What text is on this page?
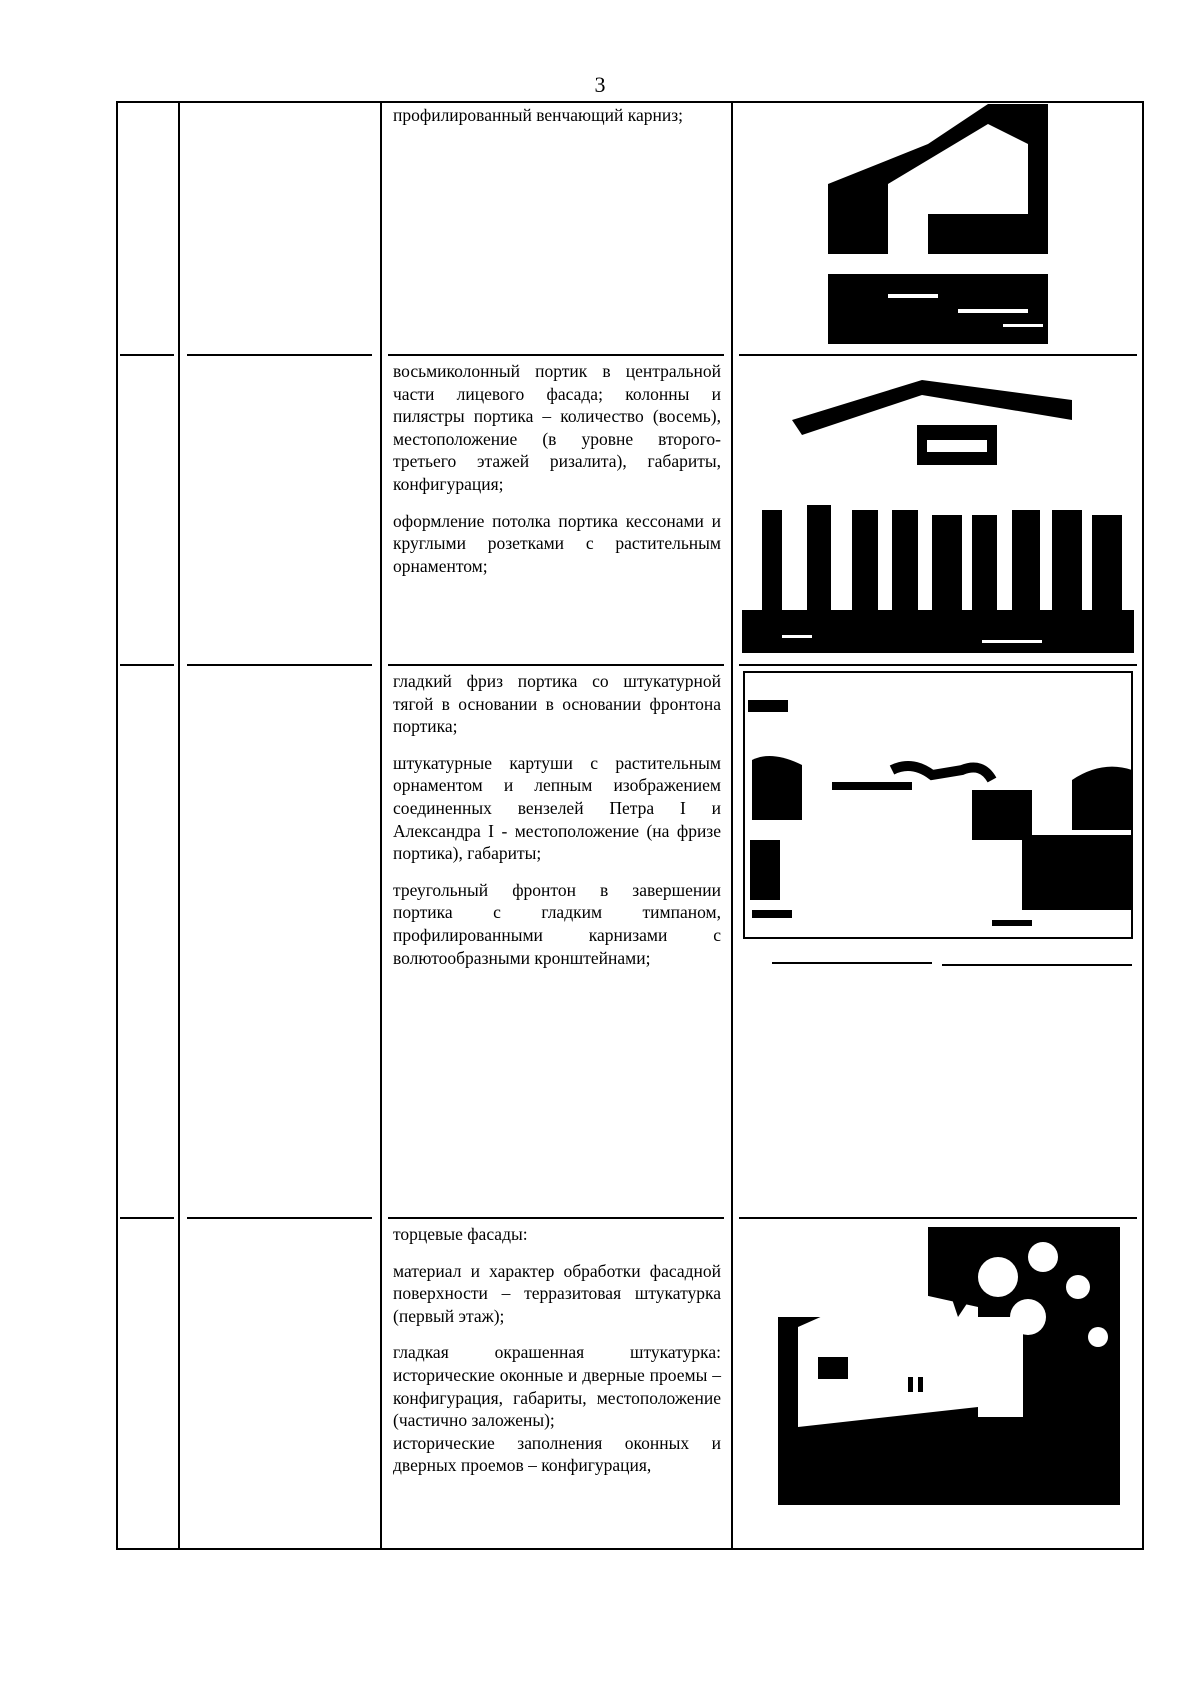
3

профилированный венчающий карниз;

восьмиколонный портик в центральной части лицевого фасада; колонны и пилястры портика – количество (восемь), местоположение (в уровне второго-третьего этажей ризалита), габариты, конфигурация;

оформление потолка портика кессонами и круглыми розетками с растительным орнаментом;

гладкий фриз портика со штукатурной тягой в основании в основании фронтона портика;

штукатурные картуши с растительным орнаментом и лепным изображением соединенных вензелей Петра I и Александра I - местоположение (на фризе портика), габариты;

треугольный фронтон в завершении портика с гладким тимпаном, профилированными карнизами с волютообразными кронштейнами;

торцевые фасады:

материал и характер обработки фасадной поверхности – терразитовая штукатурка (первый этаж);

гладкая окрашенная штукатурка: исторические оконные и дверные проемы – конфигурация, габариты, местоположение (частично заложены);

исторические заполнения оконных и дверных проемов – конфигурация,
